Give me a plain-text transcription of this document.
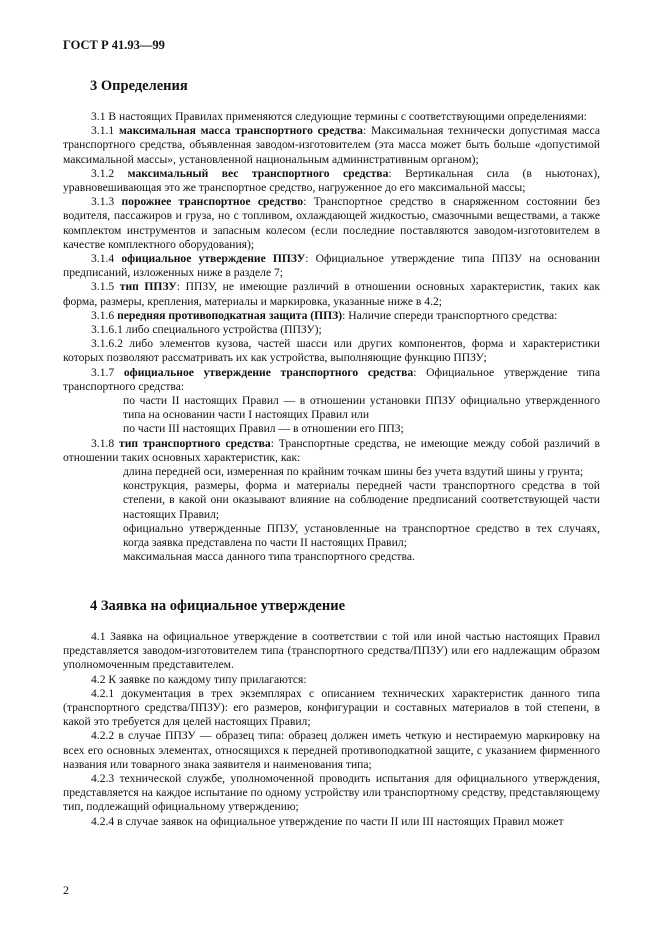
ГОСТ Р 41.93—99
3 Определения

3.1 В настоящих Правилах применяются следующие термины с соответствующими определениями:

3.1.1 максимальная масса транспортного средства: Максимальная технически допустимая масса транспортного средства, объявленная заводом-изготовителем (эта масса может быть больше «допустимой максимальной массы», установленной национальным административным органом);

3.1.2 максимальный вес транспортного средства: Вертикальная сила (в ньютонах), уравновешивающая это же транспортное средство, нагруженное до его максимальной массы;

3.1.3 порожнее транспортное средство: Транспортное средство в снаряженном состоянии без водителя, пассажиров и груза, но с топливом, охлаждающей жидкостью, смазочными веществами, а также комплектом инструментов и запасным колесом (если последние поставляются заводом-изготовителем в качестве комплектного оборудования);

3.1.4 официальное утверждение ППЗУ: Официальное утверждение типа ППЗУ на основании предписаний, изложенных ниже в разделе 7;

3.1.5 тип ППЗУ: ППЗУ, не имеющие различий в отношении основных характеристик, таких как форма, размеры, крепления, материалы и маркировка, указанные ниже в 4.2;

3.1.6 передняя противоподкатная защита (ППЗ): Наличие спереди транспортного средства:

3.1.6.1 либо специального устройства (ППЗУ);

3.1.6.2 либо элементов кузова, частей шасси или других компонентов, форма и характеристики которых позволяют рассматривать их как устройства, выполняющие функцию ППЗУ;

3.1.7 официальное утверждение транспортного средства: Официальное утверждение типа транспортного средства:

по части II настоящих Правил — в отношении установки ППЗУ официально утвержденного типа на основании части I настоящих Правил или

по части III настоящих Правил — в отношении его ППЗ;

3.1.8 тип транспортного средства: Транспортные средства, не имеющие между собой различий в отношении таких основных характеристик, как:

длина передней оси, измеренная по крайним точкам шины без учета вздутий шины у грунта;

конструкция, размеры, форма и материалы передней части транспортного средства в той степени, в какой они оказывают влияние на соблюдение предписаний соответствующей части настоящих Правил;

официально утвержденные ППЗУ, установленные на транспортное средство в тех случаях, когда заявка представлена по части II настоящих Правил;

максимальная масса данного типа транспортного средства.

4 Заявка на официальное утверждение

4.1 Заявка на официальное утверждение в соответствии с той или иной частью настоящих Правил представляется заводом-изготовителем типа (транспортного средства/ППЗУ) или его надлежащим образом уполномоченным представителем.

4.2 К заявке по каждому типу прилагаются:

4.2.1 документация в трех экземплярах с описанием технических характеристик данного типа (транспортного средства/ППЗУ): его размеров, конфигурации и составных материалов в той степени, в какой это требуется для целей настоящих Правил;

4.2.2 в случае ППЗУ — образец типа: образец должен иметь четкую и нестираемую маркировку на всех его основных элементах, относящихся к передней противоподкатной защите, с указанием фирменного названия или товарного знака заявителя и наименования типа;

4.2.3 технической службе, уполномоченной проводить испытания для официального утверждения, представляется на каждое испытание по одному устройству или транспортному средству, представляющему тип, подлежащий официальному утверждению;

4.2.4 в случае заявок на официальное утверждение по части II или III настоящих Правил может

2
